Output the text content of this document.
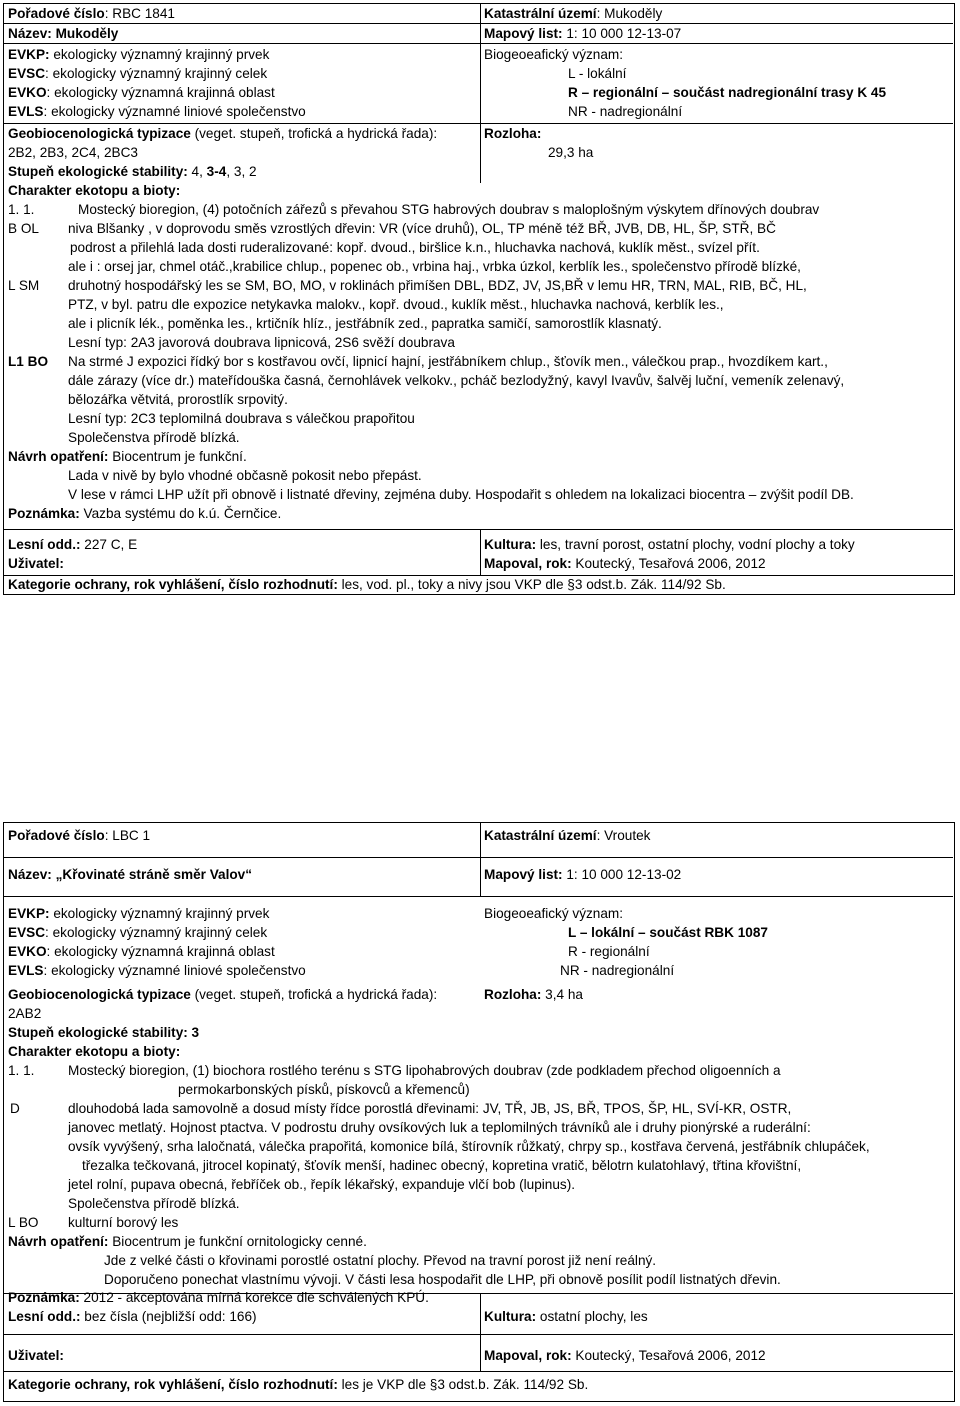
Pořadové číslo: RBC 1841	Katastrální území: Mukoděly
Název: Mukoděly	Mapový list: 1: 10 000 12-13-07
EVKP: ekologicky významný krajinný prvek	Biogeoeafický význam:
EVSC: ekologicky významný krajinný celek	L - lokální
EVKO: ekologicky významná krajinná oblast	R – regionální – součást nadregionální trasy K 45
EVLS: ekologicky významné liniové společenstvo	NR - nadregionální
Geobiocenologická typizace (veget. stupeň, trofická a hydrická řada):	Rozloha:
2B2, 2B3, 2C4, 2BC3	29,3 ha
Stupeň ekologické stability: 4, 3-4, 3, 2
Charakter ekotopu a bioty:
1. 1.	Mostecký bioregion, (4) potočních zářezů s převahou STG habrových doubrav s maloplošným výskytem dřínových doubrav
B OL niva Blšanky , v doprovodu směs vzrostlých dřevin: VR (více druhů), OL, TP méně též BŘ, JVB, DB, HL, ŠP, STŘ, BČ
podrost a přilehlá lada dosti ruderalizované: kopř. dvoud., biršlice k.n., hluchavka nachová, kuklík měst., svízel přít.
ale i : orsej jar, chmel otáč.,krabilice chlup., popenec ob., vrbina haj., vrbka úzkol, kerblík les., společenstvo přírodě blízké,
L SM druhotný hospodářský les se SM, BO, MO, v roklinách přimíšen DBL, BDZ, JV, JS,BŘ v lemu HR, TRN, MAL, RIB, BČ, HL,
PTZ, v byl. patru dle expozice netykavka malokv., kopř. dvoud., kuklík měst., hluchavka nachová, kerblík les.,
ale i plicník lék., poměnka les., krtičník hlíz., jestřábník zed., papratka samičí, samorostlík klasnatý.
Lesní typ: 2A3 javorová doubrava lipnicová, 2S6 svěží doubrava
L1 BO Na strmé J expozici řídký bor s kostřavou ovčí, lipnicí hajní, jestřábníkem chlup., šťovík men., válečkou prap., hvozdíkem kart.,
dále zárazy (více dr.) mateřídouška časná, černohlávek velkokv., pcháč bezlodyžný, kavyl Ivavův, šalvěj luční, vemeník zelenavý,
bělozářka větvitá, prorostlík srpovitý.
Lesní typ: 2C3 teplomilná doubrava s válečkou prapořitou
Společenstva přírodě blízká.
Návrh opatření: Biocentrum je funkční.
Lada v nivě by bylo vhodné občasně pokosit nebo přepást.
V lese v rámci LHP užít při obnově i listnaté dřeviny, zejména duby. Hospodařit s ohledem na lokalizaci biocentra – zvýšit podíl DB.
Poznámka: Vazba systému do k.ú. Černčice.
Lesní odd.: 227 C, E	Kultura: les, travní porost, ostatní plochy, vodní plochy a toky
Uživatel:	Mapoval, rok: Koutecký, Tesařová 2006, 2012
Kategorie ochrany, rok vyhlášení, číslo rozhodnutí: les, vod. pl., toky a nivy jsou VKP dle §3 odst.b. Zák. 114/92 Sb.
Pořadové číslo: LBC 1	Katastrální území: Vroutek
Název: „Křovinaté stráně směr Valov“	Mapový list: 1: 10 000 12-13-02
EVKP: ekologicky významný krajinný prvek	Biogeoeafický význam:
EVSC: ekologicky významný krajinný celek	L – lokální – součást RBK 1087
EVKO: ekologicky významná krajinná oblast	R - regionální
EVLS: ekologicky významné liniové společenstvo	NR - nadregionální
Geobiocenologická typizace (veget. stupeň, trofická a hydrická řada):	Rozloha: 3,4 ha
2AB2
Stupeň ekologické stability: 3
Charakter ekotopu a bioty:
1. 1. Mostecký bioregion, (1) biochora rostlého terénu s STG lipohabrových doubrav (zde podkladem přechod oligoenních a
permokarbonských písků, pískovců a křemenců)
D	dlouhodobá lada samovolně a dosud místy řídce porostlá dřevinami: JV, TŘ, JB, JS, BŘ, TPOS, ŠP, HL, SVÍ-KR, OSTR,
janovec metlatý. Hojnost ptactva. V podrostu druhy ovsíkových luk a teplomilných trávníků ale i druhy pionýrské a ruderální:
ovsík vyvýšený, srha laločnatá, válečka prapořitá, komonice bílá, štírovník růžkatý, chrpy sp., kostřava červená, jestřábník chlupáček,
třezalka tečkovaná, jitrocel kopinatý, šťovík menší, hadinec obecný, kopretina vratič, bělotrn kulatohlavý, třtina křovištní,
jetel rolní, pupava obecná, řebříček ob., řepík lékařský, expanduje vlčí bob (lupinus).
Společenstva přírodě blízká.
L BO kulturní borový les
Návrh opatření: Biocentrum je funkční ornitologicky cenné.
Jde z velké části o křovinami porostlé ostatní plochy. Převod na travní porost již není reálný.
Doporučeno ponechat vlastnímu vývoji. V části lesa hospodařit dle LHP, při obnově posílit podíl listnatých dřevin.
Poznámka: 2012 - akceptována mírná korekce dle schválených KPÚ.
Lesní odd.: bez čísla (nejbližší odd: 166)	Kultura: ostatní plochy, les
Uživatel:	Mapoval, rok: Koutecký, Tesařová 2006, 2012
Kategorie ochrany, rok vyhlášení, číslo rozhodnutí: les je VKP dle §3 odst.b. Zák. 114/92 Sb.
